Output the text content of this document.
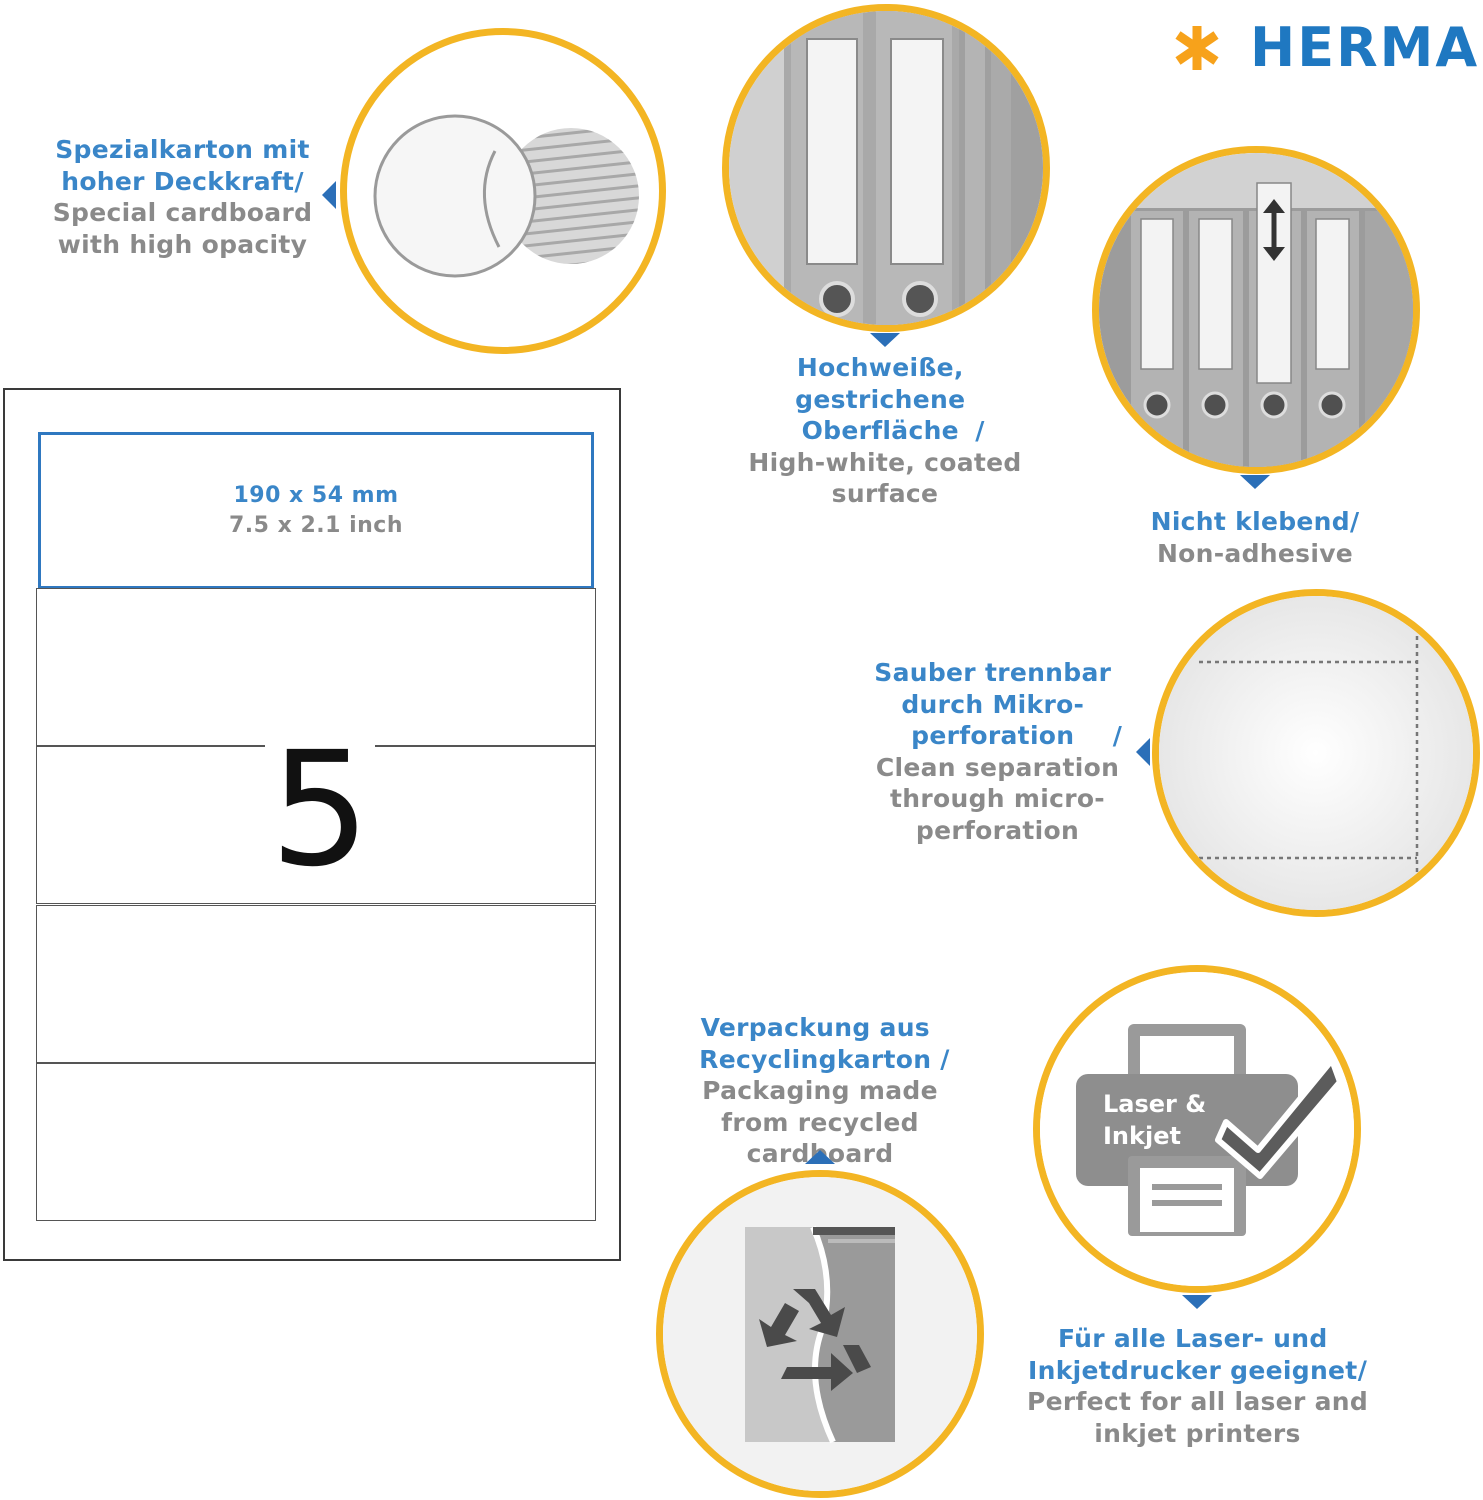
HERMA
Spezialkarton mit hoher Deckkraft/
Special cardboard with high opacity
Hochweiße, gestrichene Oberfläche /
High-white, coated surface
Nicht klebend/
Non-adhesive
Sauber trennbar durch Mikro-perforation /
Clean separation through micro-perforation
190 x 54 mm
7.5 x 2.1 inch
5
Verpackung aus Recyclingkarton /
Packaging made from recycled cardboard
Laser &
Inkjet
Für alle Laser- und Inkjetdrucker geeignet/
Perfect for all laser and inkjet printers
